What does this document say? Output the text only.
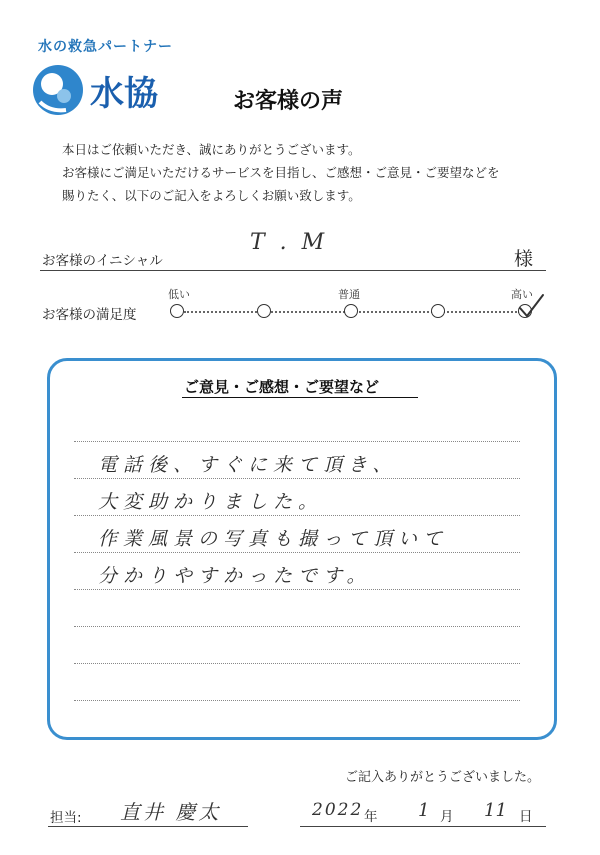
水の救急パートナー
水協	お客様の声
本日はご依頼いただき、誠にありがとうございます。
お客様にご満足いただけるサービスを目指し、ご感想・ご意見・ご要望などを
賜りたく、以下のご記入をよろしくお願い致します。
お客様のイニシャル
T . M
様
お客様の満足度
低い	普通	高い
ご意見・ご感想・ご要望など
電話後、すぐに来て頂き、
大変助かりました。
作業風景の写真も撮って頂いて
分かりやすかったです。
ご記入ありがとうございました。
担当: 直井 慶太	2022 年 1 月 11 日
